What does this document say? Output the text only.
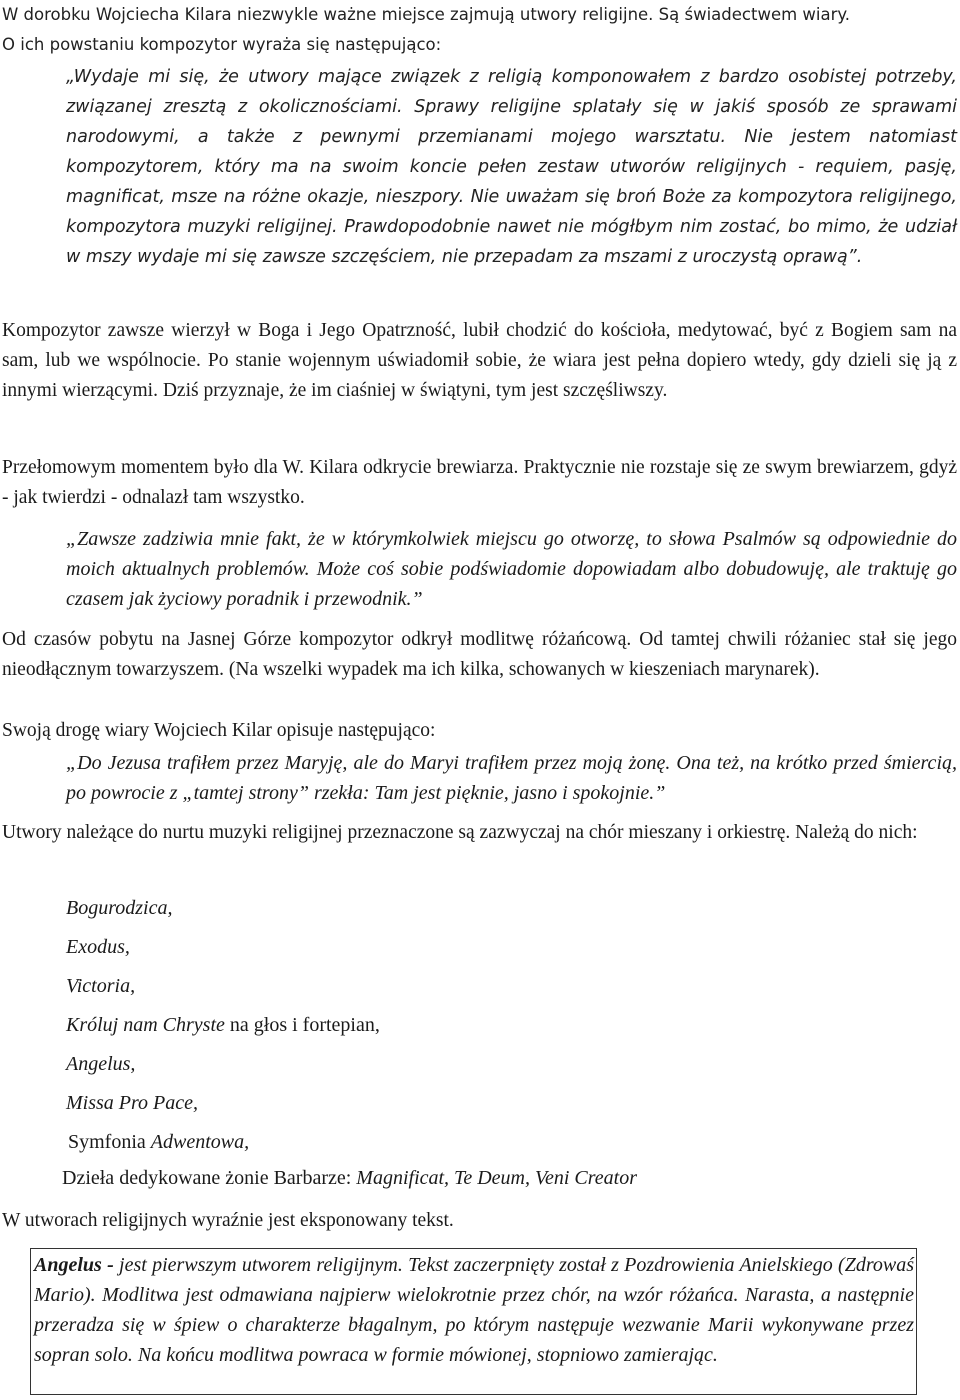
W dorobku Wojciecha Kilara niezwykle ważne miejsce zajmują utwory religijne. Są świadectwem wiary.
O ich powstaniu kompozytor wyraża się następująco:

„Wydaje mi się, że utwory mające związek z religią komponowałem z bardzo osobistej potrzeby, związanej zresztą z okolicznościami. Sprawy religijne splatały się w jakiś sposób ze sprawami narodowymi, a także z pewnymi przemianami mojego warsztatu. Nie jestem natomiast kompozytorem, który ma na swoim koncie pełen zestaw utworów religijnych - requiem, pasję, magnificat, msze na różne okazje, nieszpory. Nie uważam się broń Boże za kompozytora religijnego, kompozytora muzyki religijnej. Prawdopodobnie nawet nie mógłbym nim zostać, bo mimo, że udział w mszy wydaje mi się zawsze szczęściem, nie przepadam za mszami z uroczystą oprawą”.

Kompozytor zawsze wierzył w Boga i Jego Opatrzność, lubił chodzić do kościoła, medytować, być z Bogiem sam na sam, lub we wspólnocie. Po stanie wojennym uświadomił sobie, że wiara jest pełna dopiero wtedy, gdy dzieli się ją z innymi wierzącymi. Dziś przyznaje, że im ciaśniej w świątyni, tym jest szczęśliwszy.

Przełomowym momentem było dla W. Kilara odkrycie brewiarza. Praktycznie nie rozstaje się ze swym brewiarzem, gdyż - jak twierdzi - odnalazł tam wszystko.

„Zawsze zadziwia mnie fakt, że w którymkolwiek miejscu go otworzę, to słowa Psalmów są odpowiednie do moich aktualnych problemów. Może coś sobie podświadomie dopowiadam albo dobudowuję, ale traktuję go czasem jak życiowy poradnik i przewodnik.”

Od czasów pobytu na Jasnej Górze kompozytor odkrył modlitwę różańcową. Od tamtej chwili różaniec stał się jego nieodłącznym towarzyszem. (Na wszelki wypadek ma ich kilka, schowanych w kieszeniach marynarek).

Swoją drogę wiary Wojciech Kilar opisuje następująco:

„Do Jezusa trafiłem przez Maryję, ale do Maryi trafiłem przez moją żonę. Ona też, na krótko przed śmiercią, po powrocie z „tamtej strony” rzekła: Tam jest pięknie, jasno i spokojnie.”

Utwory należące do nurtu muzyki religijnej przeznaczone są zazwyczaj na chór mieszany i orkiestrę. Należą do nich:

Bogurodzica,
Exodus,
Victoria,
Króluj nam Chryste na głos i fortepian,
Angelus,
Missa Pro Pace,
Symfonia Adwentowa,
Dzieła dedykowane żonie Barbarze: Magnificat, Te Deum, Veni Creator

W utworach religijnych wyraźnie jest eksponowany tekst.

Angelus - jest pierwszym utworem religijnym. Tekst zaczerpnięty został z Pozdrowienia Anielskiego (Zdrowaś Mario). Modlitwa jest odmawiana najpierw wielokrotnie przez chór, na wzór różańca. Narasta, a następnie przeradza się w śpiew o charakterze błagalnym, po którym następuje wezwanie Marii wykonywane przez sopran solo. Na końcu modlitwa powraca w formie mówionej, stopniowo zamierając.
